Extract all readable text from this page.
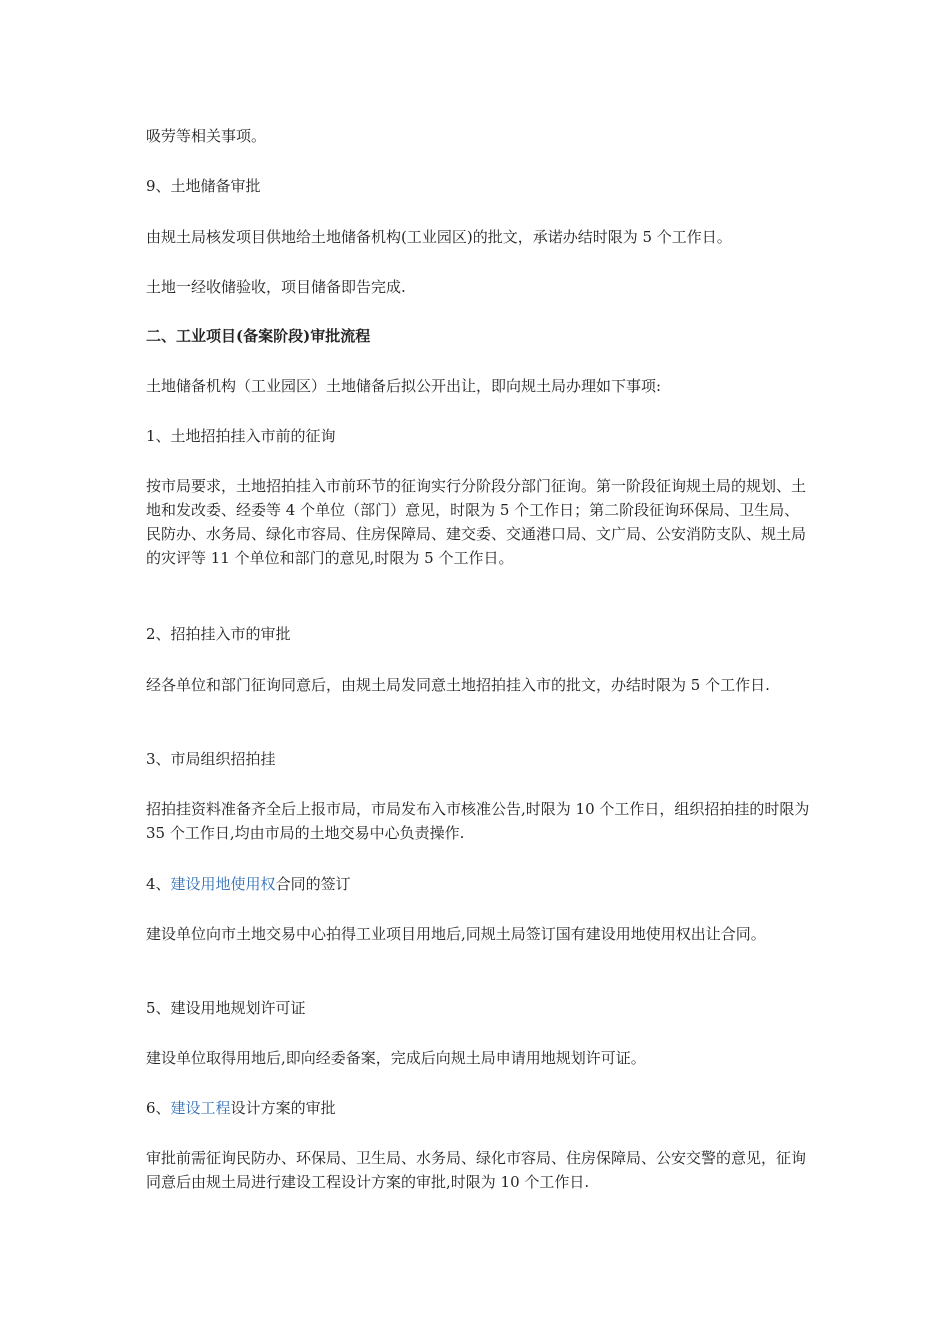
吸劳等相关事项。

9、土地储备审批

由规土局核发项目供地给土地储备机构(工业园区)的批文，承诺办结时限为 5 个工作日。

土地一经收储验收，项目储备即告完成.

二、工业项目(备案阶段)审批流程

土地储备机构（工业园区）土地储备后拟公开出让，即向规土局办理如下事项:

1、土地招拍挂入市前的征询

按市局要求，土地招拍挂入市前环节的征询实行分阶段分部门征询。第一阶段征询规土局的规划、土地和发改委、经委等 4 个单位（部门）意见，时限为 5 个工作日；第二阶段征询环保局、卫生局、民防办、水务局、绿化市容局、住房保障局、建交委、交通港口局、文广局、公安消防支队、规土局的灾评等 11 个单位和部门的意见,时限为 5 个工作日。

2、招拍挂入市的审批

经各单位和部门征询同意后，由规土局发同意土地招拍挂入市的批文，办结时限为 5 个工作日.

3、市局组织招拍挂

招拍挂资料准备齐全后上报市局，市局发布入市核准公告,时限为 10 个工作日，组织招拍挂的时限为 35 个工作日,均由市局的土地交易中心负责操作.

4、建设用地使用权合同的签订

建设单位向市土地交易中心拍得工业项目用地后,同规土局签订国有建设用地使用权出让合同。

5、建设用地规划许可证

建设单位取得用地后,即向经委备案，完成后向规土局申请用地规划许可证。

6、建设工程设计方案的审批

审批前需征询民防办、环保局、卫生局、水务局、绿化市容局、住房保障局、公安交警的意见，征询同意后由规土局进行建设工程设计方案的审批,时限为 10 个工作日.
